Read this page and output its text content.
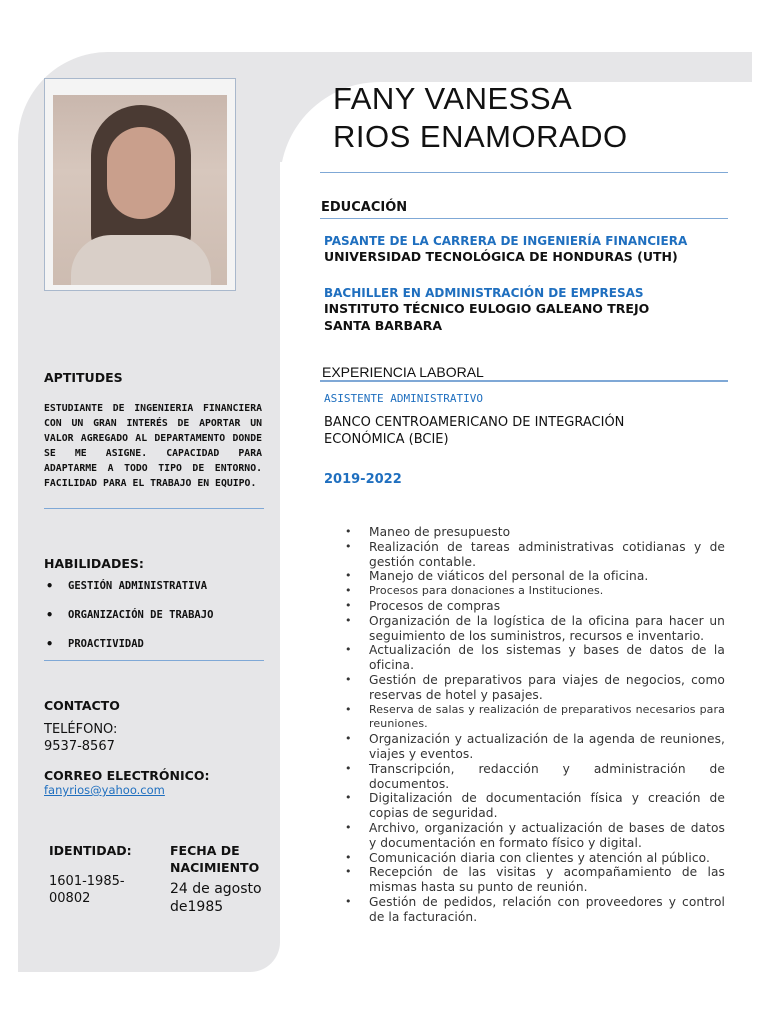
FANY VANESSA
RIOS ENAMORADO
EDUCACIÓN
PASANTE DE LA CARRERA DE INGENIERÍA FINANCIERA
UNIVERSIDAD TECNOLÓGICA DE HONDURAS (UTH)
BACHILLER EN ADMINISTRACIÓN DE EMPRESAS
INSTITUTO TÉCNICO EULOGIO GALEANO TREJO
SANTA BARBARA
EXPERIENCIA LABORAL
ASISTENTE ADMINISTRATIVO
BANCO CENTROAMERICANO DE INTEGRACIÓN
ECONÓMICA (BCIE)
2019-2022
• Maneo de presupuesto
• Realización de tareas administrativas cotidianas y de gestión contable.
• Manejo de viáticos del personal de la oficina.
• Procesos para donaciones a Instituciones.
• Procesos de compras
• Organización de la logística de la oficina para hacer un seguimiento de los suministros, recursos e inventario.
• Actualización de los sistemas y bases de datos de la oficina.
• Gestión de preparativos para viajes de negocios, como reservas de hotel y pasajes.
• Reserva de salas y realización de preparativos necesarios para reuniones.
• Organización y actualización de la agenda de reuniones, viajes y eventos.
• Transcripción, redacción y administración de documentos.
• Digitalización de documentación física y creación de copias de seguridad.
• Archivo, organización y actualización de bases de datos y documentación en formato físico y digital.
• Comunicación diaria con clientes y atención al público.
• Recepción de las visitas y acompañamiento de las mismas hasta su punto de reunión.
• Gestión de pedidos, relación con proveedores y control de la facturación.
APTITUDES
ESTUDIANTE DE INGENIERIA FINANCIERA CON UN GRAN INTERÉS DE APORTAR UN VALOR AGREGADO AL DEPARTAMENTO DONDE SE ME ASIGNE. CAPACIDAD PARA ADAPTARME A TODO TIPO DE ENTORNO. FACILIDAD PARA EL TRABAJO EN EQUIPO.
HABILIDADES:
• GESTIÓN ADMINISTRATIVA
• ORGANIZACIÓN DE TRABAJO
• PROACTIVIDAD
CONTACTO
TELÉFONO:
9537-8567
CORREO ELECTRÓNICO:
fanyrios@yahoo.com
IDENTIDAD:
1601-1985-
00802
FECHA DE
NACIMIENTO
24 de agosto
de1985
